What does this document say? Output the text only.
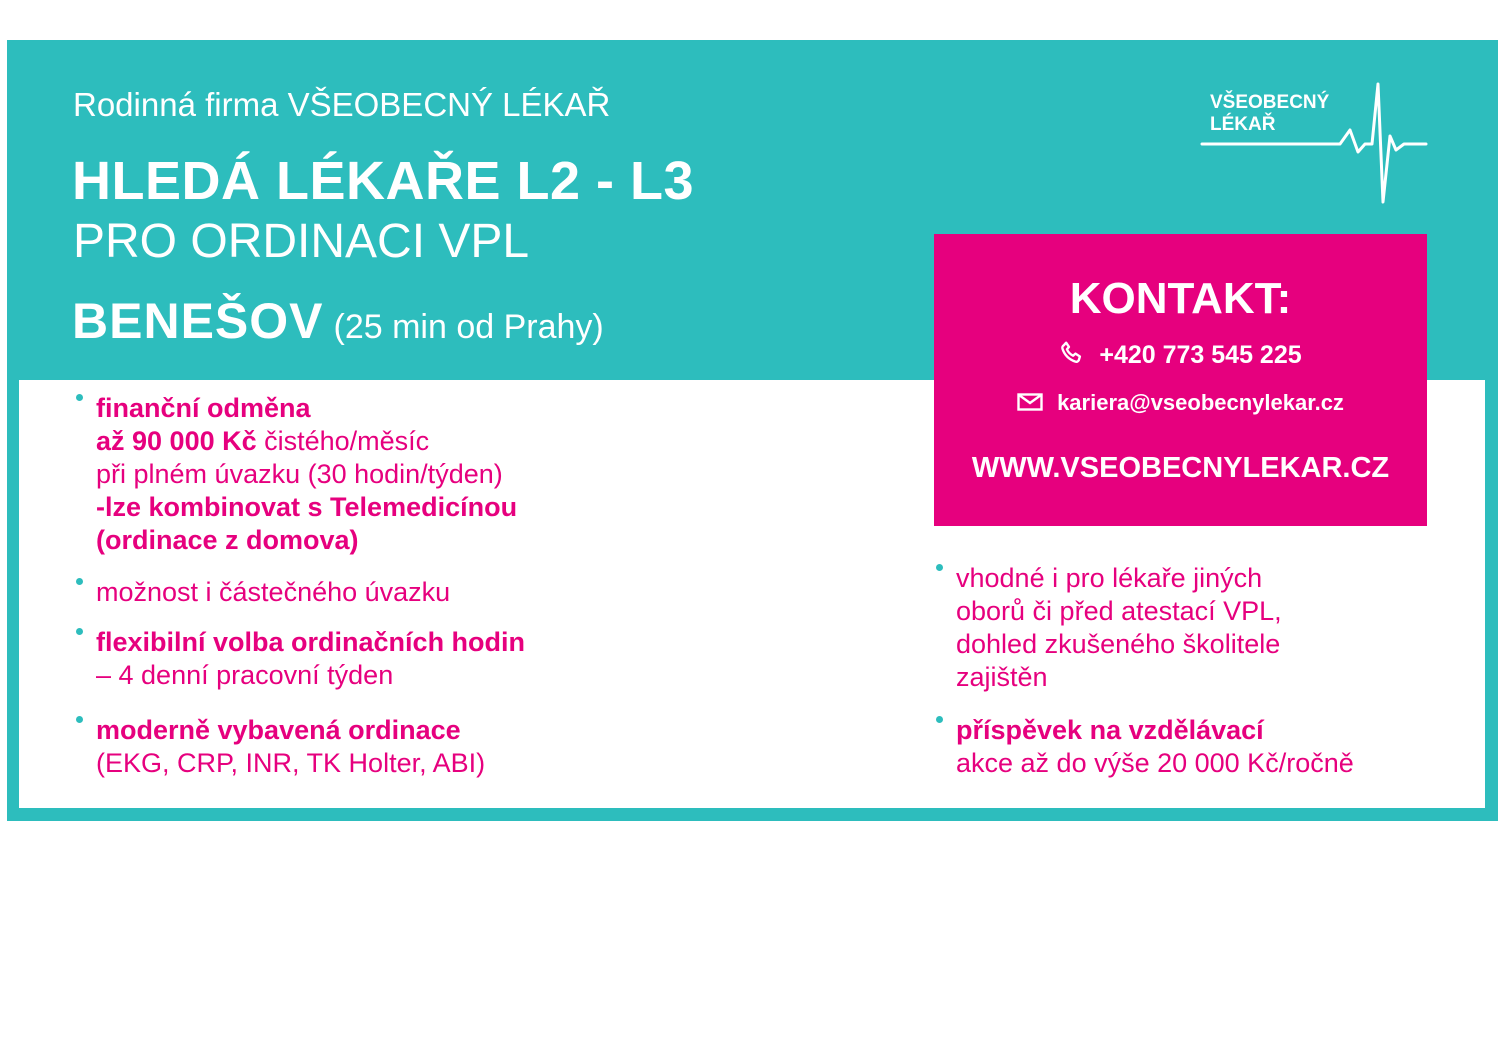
Rodinná firma VŠEOBECNÝ LÉKAŘ
HLEDÁ LÉKAŘE L2 - L3
PRO ORDINACI VPL
BENEŠOV (25 min od Prahy)
VŠEOBECNÝ
LÉKAŘ
KONTAKT:
+420 773 545 225
kariera@vseobecnylekar.cz
WWW.VSEOBECNYLEKAR.CZ
finanční odměna
až 90 000 Kč čistého/měsíc
při plném úvazku (30 hodin/týden)
-lze kombinovat s Telemedicínou
(ordinace z domova)
možnost i částečného úvazku
flexibilní volba ordinačních hodin
– 4 denní pracovní týden
moderně vybavená ordinace
(EKG, CRP, INR, TK Holter, ABI)
vhodné i pro lékaře jiných
oborů či před atestací VPL,
dohled zkušeného školitele
zajištěn
příspěvek na vzdělávací
akce až do výše 20 000 Kč/ročně
